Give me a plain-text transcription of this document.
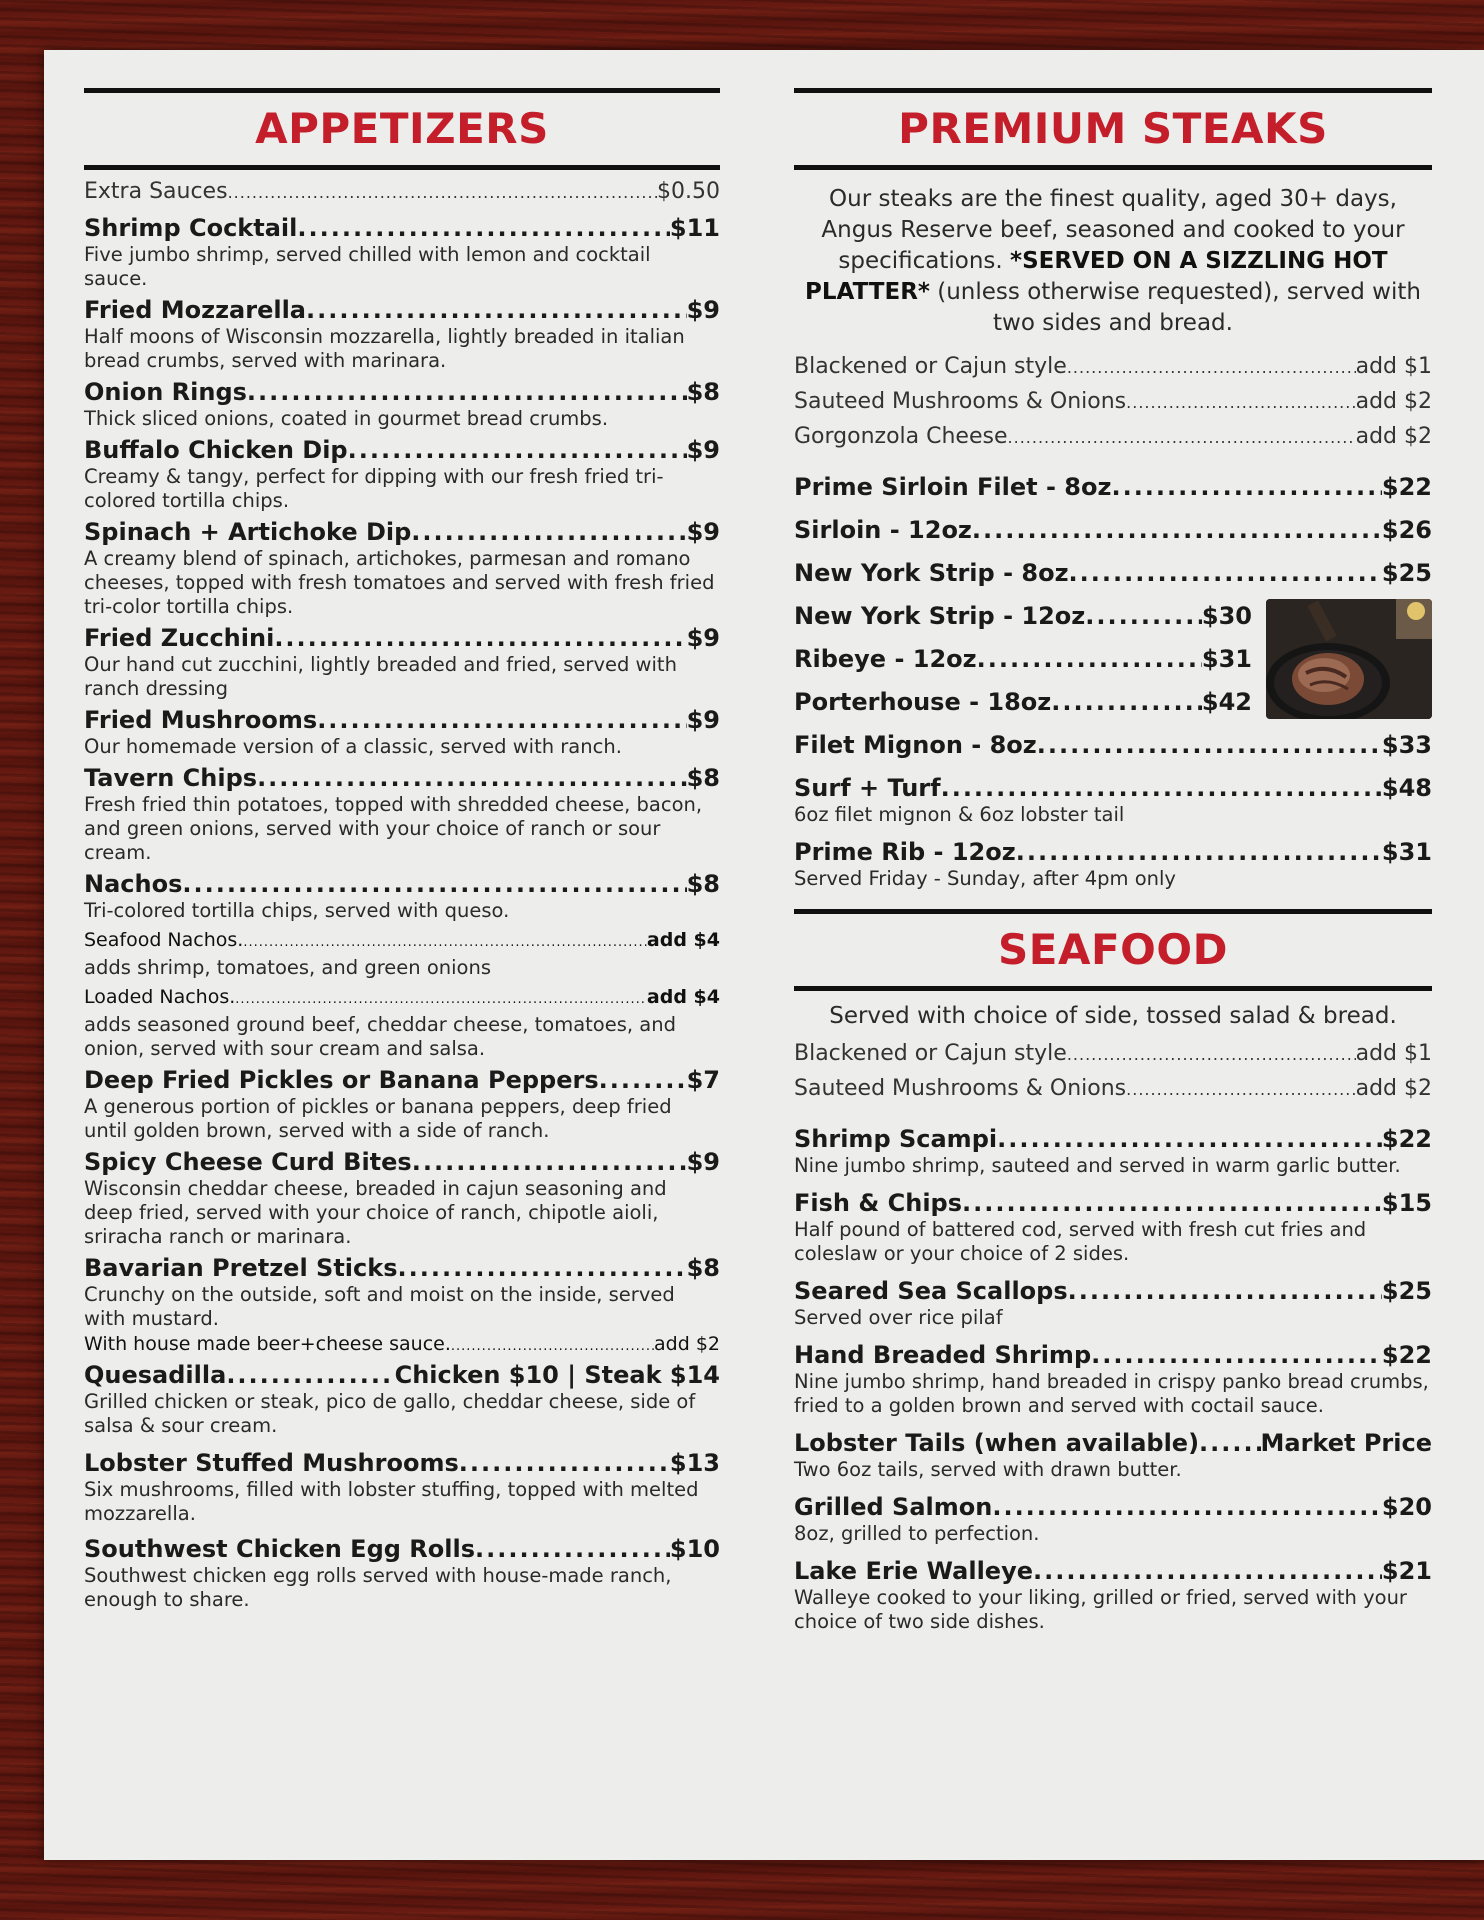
APPETIZERS
Extra Sauces .....	$0.50
Shrimp Cocktail .....	$11
Five jumbo shrimp, served chilled with lemon and cocktail sauce.
Fried Mozzarella .....	$9
Half moons of Wisconsin mozzarella, lightly breaded in italian bread crumbs, served with marinara.
Onion Rings .....	$8
Thick sliced onions, coated in gourmet bread crumbs.
Buffalo Chicken Dip .....	$9
Creamy & tangy, perfect for dipping with our fresh fried tri-colored tortilla chips.
Spinach + Artichoke Dip .....	$9
A creamy blend of spinach, artichokes, parmesan and romano cheeses, topped with fresh tomatoes and served with fresh fried tri-color tortilla chips.
Fried Zucchini .....	$9
Our hand cut zucchini, lightly breaded and fried, served with ranch dressing
Fried Mushrooms .....	$9
Our homemade version of a classic, served with ranch.
Tavern Chips .....	$8
Fresh fried thin potatoes, topped with shredded cheese, bacon, and green onions, served with your choice of ranch or sour cream.
Nachos .....	$8
Tri-colored tortilla chips, served with queso.
Seafood Nachos. .....	add $4
adds shrimp, tomatoes, and green onions
Loaded Nachos. .....	add $4
adds seasoned ground beef, cheddar cheese, tomatoes, and onion, served with sour cream and salsa.
Deep Fried Pickles or Banana Peppers .....	$7
A generous portion of pickles or banana peppers, deep fried until golden brown, served with a side of ranch.
Spicy Cheese Curd Bites .....	$9
Wisconsin cheddar cheese, breaded in cajun seasoning and deep fried, served with your choice of ranch, chipotle aioli, sriracha ranch or marinara.
Bavarian Pretzel Sticks .....	$8
Crunchy on the outside, soft and moist on the inside, served with mustard.
With house made beer+cheese sauce. .....	add $2
Quesadilla .....	Chicken $10 | Steak $14
Grilled chicken or steak, pico de gallo, cheddar cheese, side of salsa & sour cream.
Lobster Stuffed Mushrooms .....	$13
Six mushrooms, filled with lobster stuffing, topped with melted mozzarella.
Southwest Chicken Egg Rolls .....	$10
Southwest chicken egg rolls served with house-made ranch, enough to share.
PREMIUM STEAKS
Our steaks are the finest quality, aged 30+ days, Angus Reserve beef, seasoned and cooked to your specifications. *SERVED ON A SIZZLING HOT PLATTER* (unless otherwise requested), served with two sides and bread.
Blackened or Cajun style .....	add $1
Sauteed Mushrooms & Onions .....	add $2
Gorgonzola Cheese .....	add $2
Prime Sirloin Filet - 8oz .....	$22
Sirloin - 12oz .....	$26
New York Strip - 8oz .....	$25
New York Strip - 12oz .....	$30
Ribeye - 12oz .....	$31
Porterhouse - 18oz .....	$42
Filet Mignon - 8oz .....	$33
Surf + Turf .....	$48
6oz filet mignon & 6oz lobster tail
Prime Rib - 12oz .....	$31
Served Friday - Sunday, after 4pm only
SEAFOOD
Served with choice of side, tossed salad & bread.
Blackened or Cajun style .....	add $1
Sauteed Mushrooms & Onions .....	add $2
Shrimp Scampi .....	$22
Nine jumbo shrimp, sauteed and served in warm garlic butter.
Fish & Chips .....	$15
Half pound of battered cod, served with fresh cut fries and coleslaw or your choice of 2 sides.
Seared Sea Scallops .....	$25
Served over rice pilaf
Hand Breaded Shrimp .....	$22
Nine jumbo shrimp, hand breaded in crispy panko bread crumbs, fried to a golden brown and served with coctail sauce.
Lobster Tails (when available) .....	Market Price
Two 6oz tails, served with drawn butter.
Grilled Salmon .....	$20
8oz, grilled to perfection.
Lake Erie Walleye .....	$21
Walleye cooked to your liking, grilled or fried, served with your choice of two side dishes.
